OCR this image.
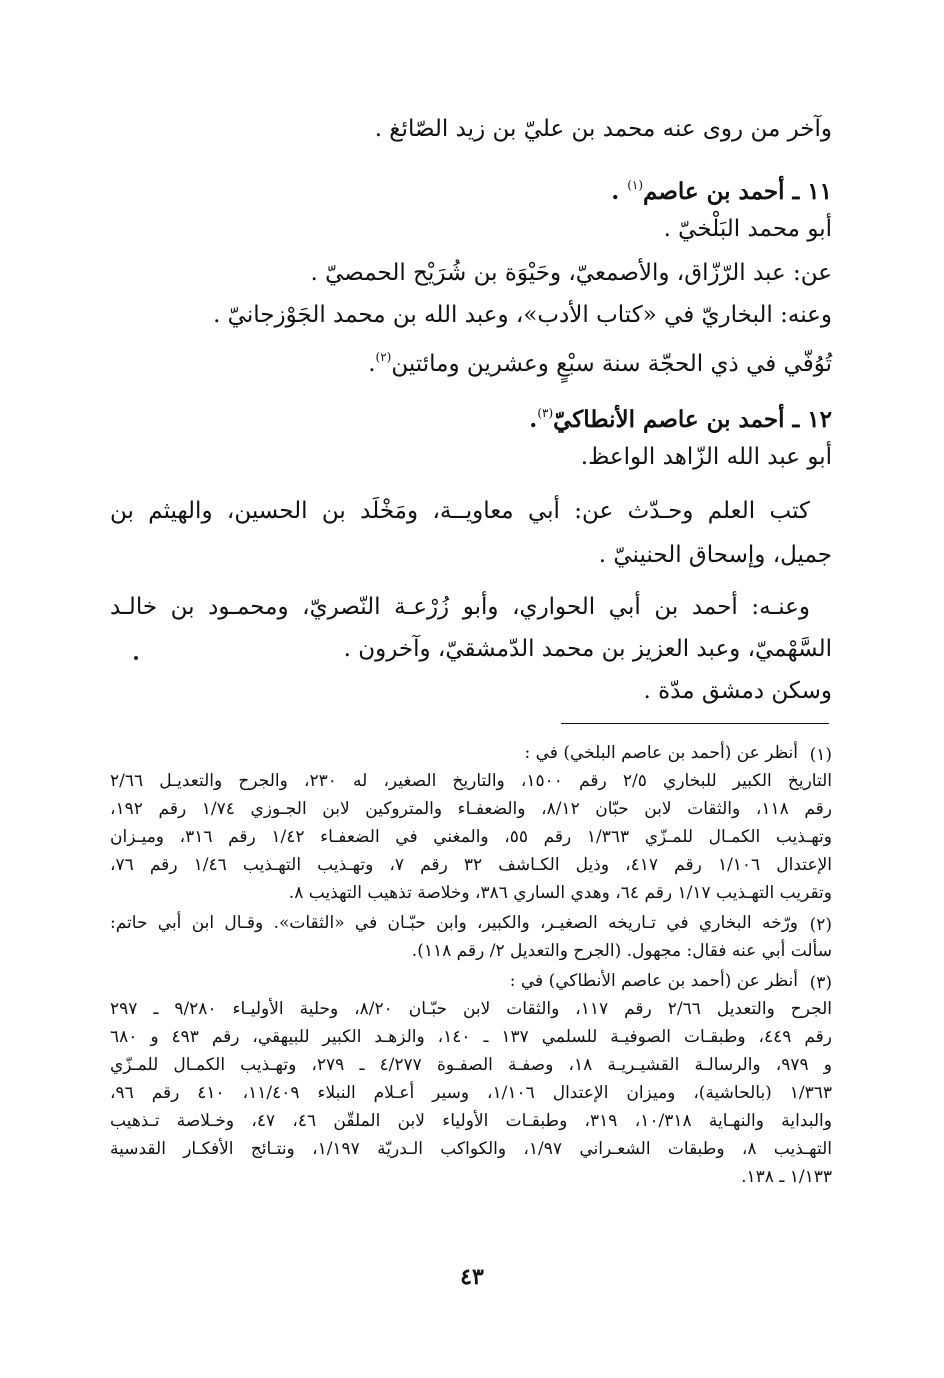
وآخر من روى عنه محمد بن عليّ بن زيد الصّائغ .
١١ ـ أحمد بن عاصم$^{(١)}$ .
أبو محمد البَلْخيّ .
عن: عبد الرّزّاق، والأصمعيّ، وحَيْوَة بن شُرَيْح الحمصيّ .
وعنه: البخاريّ في «كتاب الأدب»، وعبد الله بن محمد الجَوْزجانيّ .
تُوُفّي في ذي الحجّة سنة سبْعٍ وعشرين ومائتين$^{(٢)}$.
١٢ ـ أحمد بن عاصم الأنطاكيّ$^{(٣)}$.
أبو عبد الله الزّاهد الواعظ.
كتب العلم وحـدّث عن: أبي معاويــة، ومَخْلَد بن الحسين، والهيثم بن
جميل، وإسحاق الحنينيّ .
وعنـه: أحمد بن أبي الحواري، وأبو زُرْعـة النّصريّ، ومحمـود بن خالـد
السَّهْميّ، وعبد العزيز بن محمد الدّمشقيّ، وآخرون .
وسكن دمشق مدّة .
(١)
أنظر عن (أحمد بن عاصم البلخي) في :
التاريخ الكبير للبخاري ٢/٥ رقم ١٥٠٠، والتاريخ الصغير، له ٢٣٠، والجرح والتعديـل ٢/٦٦
رقم ١١٨، والثقات لابن حبّان ٨/١٢، والضعفـاء والمتروكين لابن الجـوزي ١/٧٤ رقم ١٩٢،
وتهـذيب الكمـال للمـزّي ١/٣٦٣ رقم ٥٥، والمغني في الضعفـاء ١/٤٢ رقم ٣١٦، وميـزان
الإعتدال ١/١٠٦ رقم ٤١٧، وذيل الكـاشف ٣٢ رقم ٧، وتهـذيب التهـذيب ١/٤٦ رقم ٧٦،
وتقريب التهـذيب ١/١٧ رقم ٦٤، وهدي الساري ٣٨٦، وخلاصة تذهيب التهذيب ٨.
(٢)
ورّخه البخاري في تـاريخه الصغيـر، والكبير، وابن حبّـان في «الثقات». وقـال ابن أبي حاتم:
سألت أبي عنه فقال: مجهول. (الجرح والتعديل ٢/ رقم ١١٨).
(٣)
أنظر عن (أحمد بن عاصم الأنطاكي) في :
الجرح والتعديل ٢/٦٦ رقم ١١٧، والثقات لابن حبّـان ٨/٢٠، وحلية الأوليـاء ٩/٢٨٠ ـ ٢٩٧
رقم ٤٤٩، وطبقـات الصوفيـة للسلمي ١٣٧ ـ ١٤٠، والزهـد الكبير للبيهقي، رقم ٤٩٣ و ٦٨٠
و ٩٧٩، والرسالـة القشيـريـة ١٨، وصفـة الصفـوة ٤/٢٧٧ ـ ٢٧٩، وتهـذيب الكمـال للمـزّي
١/٣٦٣ (بالحاشية)، وميزان الإعتدال ١/١٠٦، وسير أعـلام النبلاء ١١/٤٠٩، ٤١٠ رقم ٩٦،
والبداية والنهـاية ١٠/٣١٨، ٣١٩، وطبقـات الأولياء لابن الملقّن ٤٦، ٤٧، وخـلاصة تـذهيب
التهـذيب ٨، وطبقات الشعـراني ١/٩٧، والكواكب الـدريّة ١/١٩٧، ونتـائج الأفكـار القدسية
١/١٣٣ ـ ١٣٨.
٤٣
